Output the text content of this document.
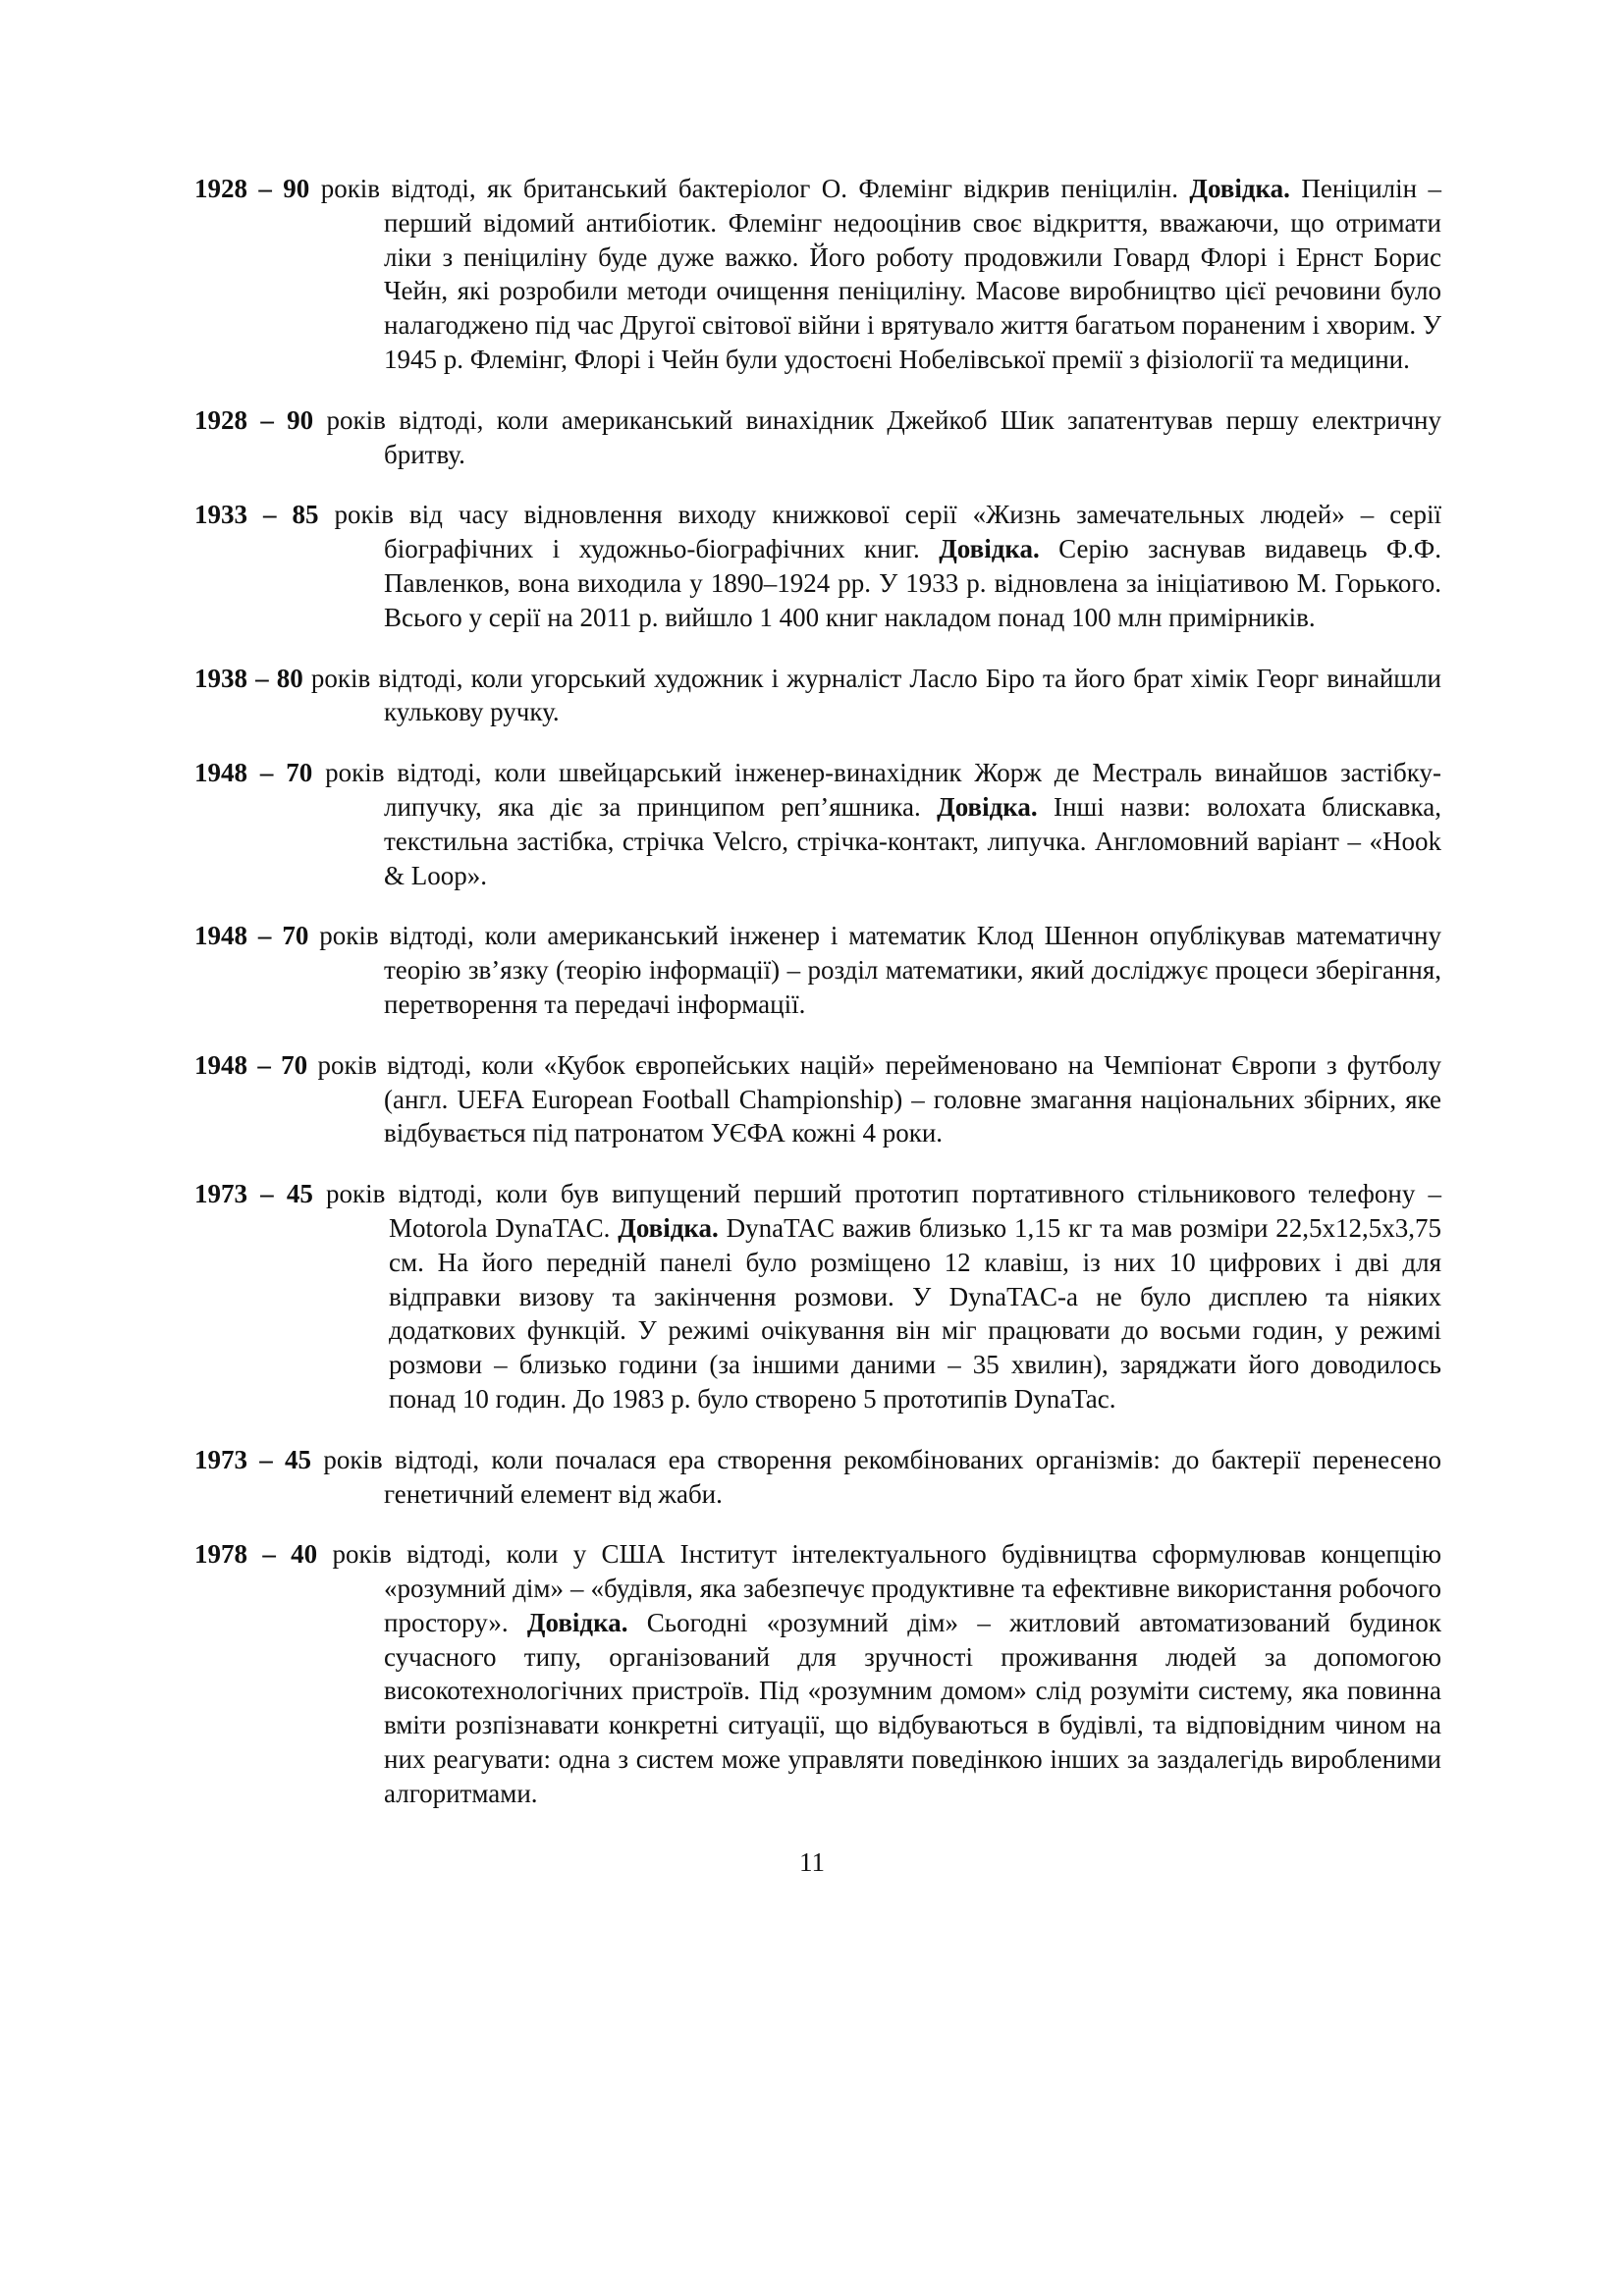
1928 – 90 років відтоді, як британський бактеріолог О. Флемінг відкрив пеніцилін. Довідка. Пеніцилін – перший відомий антибіотик. Флемінг недооцінив своє відкриття, вважаючи, що отримати ліки з пеніциліну буде дуже важко. Його роботу продовжили Говард Флорі і Ернст Борис Чейн, які розробили методи очищення пеніциліну. Масове виробництво цієї речовини було налагоджено під час Другої світової війни і врятувало життя багатьом пораненим і хворим. У 1945 р. Флемінг, Флорі і Чейн були удостоєні Нобелівської премії з фізіології та медицини.

1928 – 90 років відтоді, коли американський винахідник Джейкоб Шик запатентував першу електричну бритву.

1933 – 85 років від часу відновлення виходу книжкової серії «Жизнь замечательных людей» – серії біографічних і художньо-біографічних книг. Довідка. Серію заснував видавець Ф.Ф. Павленков, вона виходила у 1890–1924 рр. У 1933 р. відновлена за ініціативою М. Горького. Всього у серії на 2011 р. вийшло 1 400 книг накладом понад 100 млн примірників.

1938 – 80 років відтоді, коли угорський художник і журналіст Ласло Біро та його брат хімік Георг винайшли кулькову ручку.

1948 – 70 років відтоді, коли швейцарський інженер-винахідник Жорж де Местраль винайшов застібку-липучку, яка діє за принципом реп’яшника. Довідка. Інші назви: волохата блискавка, текстильна застібка, стрічка Velcro, стрічка-контакт, липучка. Англомовний варіант – «Hook & Loop».

1948 – 70 років відтоді, коли американський інженер і математик Клод Шеннон опублікував математичну теорію зв’язку (теорію інформації) – розділ математики, який досліджує процеси зберігання, перетворення та передачі інформації.

1948 – 70 років відтоді, коли «Кубок європейських націй» перейменовано на Чемпіонат Європи з футболу (англ. UEFA European Football Championship) – головне змагання національних збірних, яке відбувається під патронатом УЄФА кожні 4 роки.

1973 – 45 років відтоді, коли був випущений перший прототип портативного стільникового телефону – Motorola DynaTAC. Довідка. DynaTAC важив близько 1,15 кг та мав розміри 22,5x12,5x3,75 см. На його передній панелі було розміщено 12 клавіш, із них 10 цифрових і дві для відправки визову та закінчення розмови. У DynaTAC-а не було дисплею та ніяких додаткових функцій. У режимі очікування він міг працювати до восьми годин, у режимі розмови – близько години (за іншими даними – 35 хвилин), заряджати його доводилось понад 10 годин. До 1983 р. було створено 5 прототипів DynaTac.

1973 – 45 років відтоді, коли почалася ера створення рекомбінованих організмів: до бактерії перенесено генетичний елемент від жаби.

1978 – 40 років відтоді, коли у США Інститут інтелектуального будівництва сформулював концепцію «розумний дім» – «будівля, яка забезпечує продуктивне та ефективне використання робочого простору». Довідка. Сьогодні «розумний дім» – житловий автоматизований будинок сучасного типу, організований для зручності проживання людей за допомогою високотехнологічних пристроїв. Під «розумним домом» слід розуміти систему, яка повинна вміти розпізнавати конкретні ситуації, що відбуваються в будівлі, та відповідним чином на них реагувати: одна з систем може управляти поведінкою інших за заздалегідь виробленими алгоритмами.

11
